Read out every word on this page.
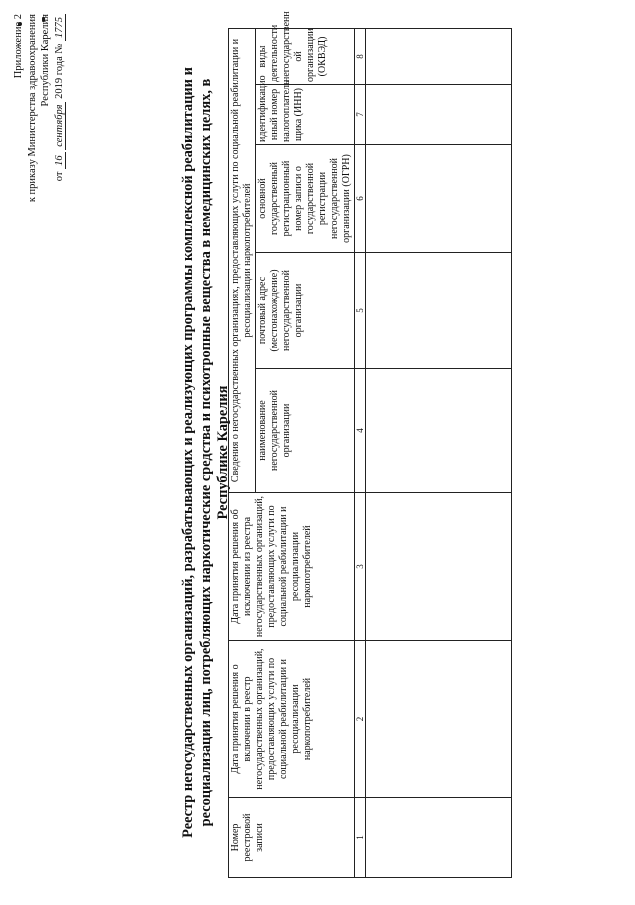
Приложение 2 к приказу Министерства здравоохранения Республики Карелия
от 16 сентября 2019 года № 1775
Реестр негосударственных организаций, разрабатывающих и реализующих программы комплексной реабилитации и ресоциализации лиц, потребляющих наркотические средства и психотропные вещества в немедицинских целях, в Республике Карелия
Номер реестровой записи	Дата принятия решения о включении в реестр негосударственных организаций, предоставляющих услуги по социальной реабилитации и ресоциализации наркопотребителей	Дата принятия решения об исключении из реестра негосударственных организаций, предоставляющих услуги по социальной реабилитации и ресоциализации наркопотребителей	Сведения о негосударственных организациях, предоставляющих услуги по социальной реабилитации и ресоциализации наркопотребителей				
			наименование негосударственной организации	почтовый адрес (местонахождение) негосударственной организации	основной государственный регистрационный номер записи о государственной регистрации негосударственной организации (ОГРН)	идентификацио нный номер налогоплатель щика (ИНН)	виды деятельности негосударственн ой организации (ОКВЭД)
1	2	3	4	5	6	7	8
